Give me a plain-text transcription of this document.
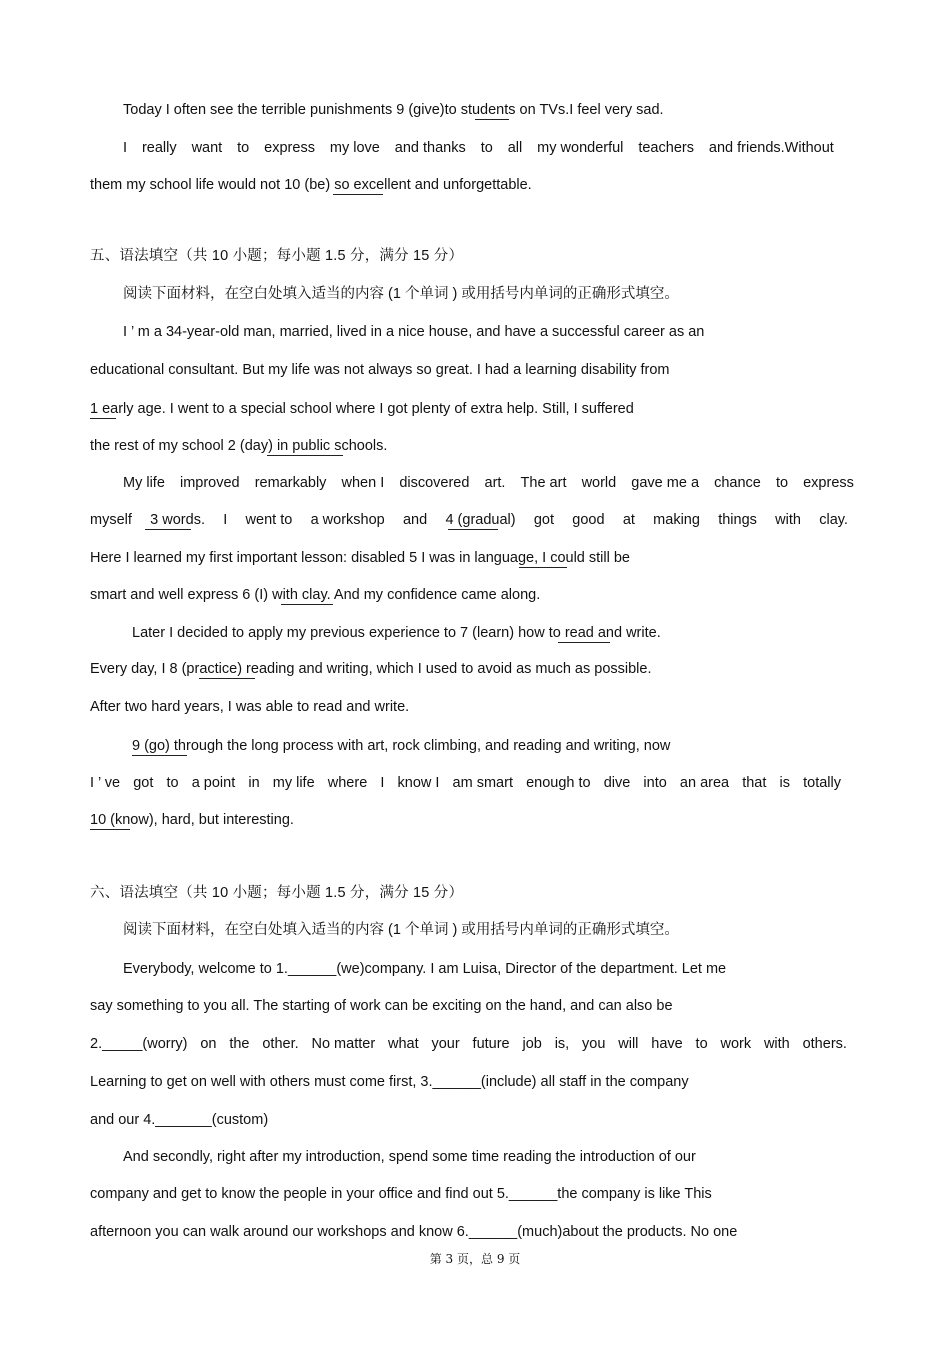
Today I often see the terrible punishments 9 (give)to students on TVs.I feel very sad.
I really want to express my love and thanks to all my wonderful teachers and friends.Without
them my school life would not 10 (be) so excellent and unforgettable.
五、语法填空（共 10 小题；每小题 1.5 分，满分 15 分）
阅读下面材料，在空白处填入适当的内容 (1 个单词 ) 或用括号内单词的正确形式填空。
I ’ m a 34-year-old man, married, lived in a nice house, and have a successful career as an
educational consultant. But my life was not always so great. I had a learning disability from
1 early age. I went to a special school where I got plenty of extra help. Still, I suffered
the rest of my school 2 (day) in public schools.
My life improved remarkably when I discovered art. The art world gave me a chance to express
myself 3 words. I went to a workshop and 4 (gradual) got good at making things with clay.
Here I learned my first important lesson: disabled 5 I was in language, I could still be
smart and well express 6 (I) with clay. And my confidence came along.
Later I decided to apply my previous experience to 7 (learn) how to read and write.
Every day, I 8 (practice) reading and writing, which I used to avoid as much as possible.
After two hard years, I was able to read and write.
9 (go) through the long process with art, rock climbing, and reading and writing, now
I ’ ve got to a point in my life where I know I am smart enough to dive into an area that is totally
10 (know), hard, but interesting.
六、语法填空（共 10 小题；每小题 1.5 分，满分 15 分）
阅读下面材料，在空白处填入适当的内容 (1 个单词 ) 或用括号内单词的正确形式填空。
Everybody, welcome to 1.______(we)company. I am Luisa, Director of the department. Let me
say something to you all. The starting of work can be exciting on the hand, and can also be
2._____(worry) on the other. No matter what your future job is, you will have to work with others.
Learning to get on well with others must come first, 3.______(include) all staff in the company
and our 4._______(custom)
And secondly, right after my introduction, spend some time reading the introduction of our
company and get to know the people in your office and find out 5.______the company is like This
afternoon you can walk around our workshops and know 6.______(much)about the products. No one
第 3 页，总 9 页
